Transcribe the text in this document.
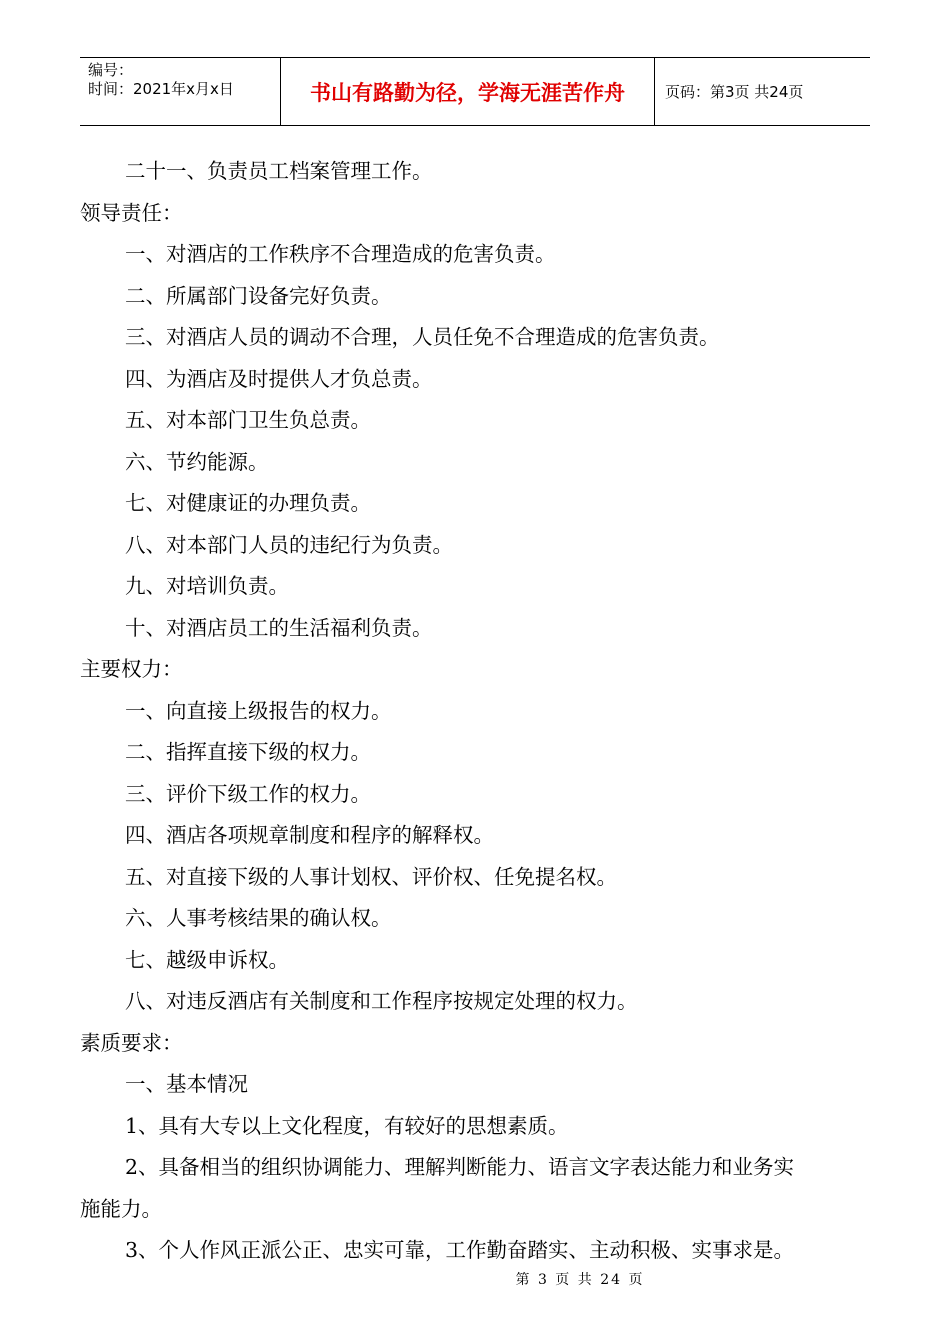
编号：
时间：2021年x月x日	书山有路勤为径，学海无涯苦作舟	页码：第3页 共24页
二十一、负责员工档案管理工作。
领导责任：
一、对酒店的工作秩序不合理造成的危害负责。
二、所属部门设备完好负责。
三、对酒店人员的调动不合理，人员任免不合理造成的危害负责。
四、为酒店及时提供人才负总责。
五、对本部门卫生负总责。
六、节约能源。
七、对健康证的办理负责。
八、对本部门人员的违纪行为负责。
九、对培训负责。
十、对酒店员工的生活福利负责。
主要权力：
一、向直接上级报告的权力。
二、指挥直接下级的权力。
三、评价下级工作的权力。
四、酒店各项规章制度和程序的解释权。
五、对直接下级的人事计划权、评价权、任免提名权。
六、人事考核结果的确认权。
七、越级申诉权。
八、对违反酒店有关制度和工作程序按规定处理的权力。
素质要求：
一、基本情况
1、具有大专以上文化程度，有较好的思想素质。
2、具备相当的组织协调能力、理解判断能力、语言文字表达能力和业务实
施能力。
3、个人作风正派公正、忠实可靠，工作勤奋踏实、主动积极、实事求是。
第 3 页 共 24 页
